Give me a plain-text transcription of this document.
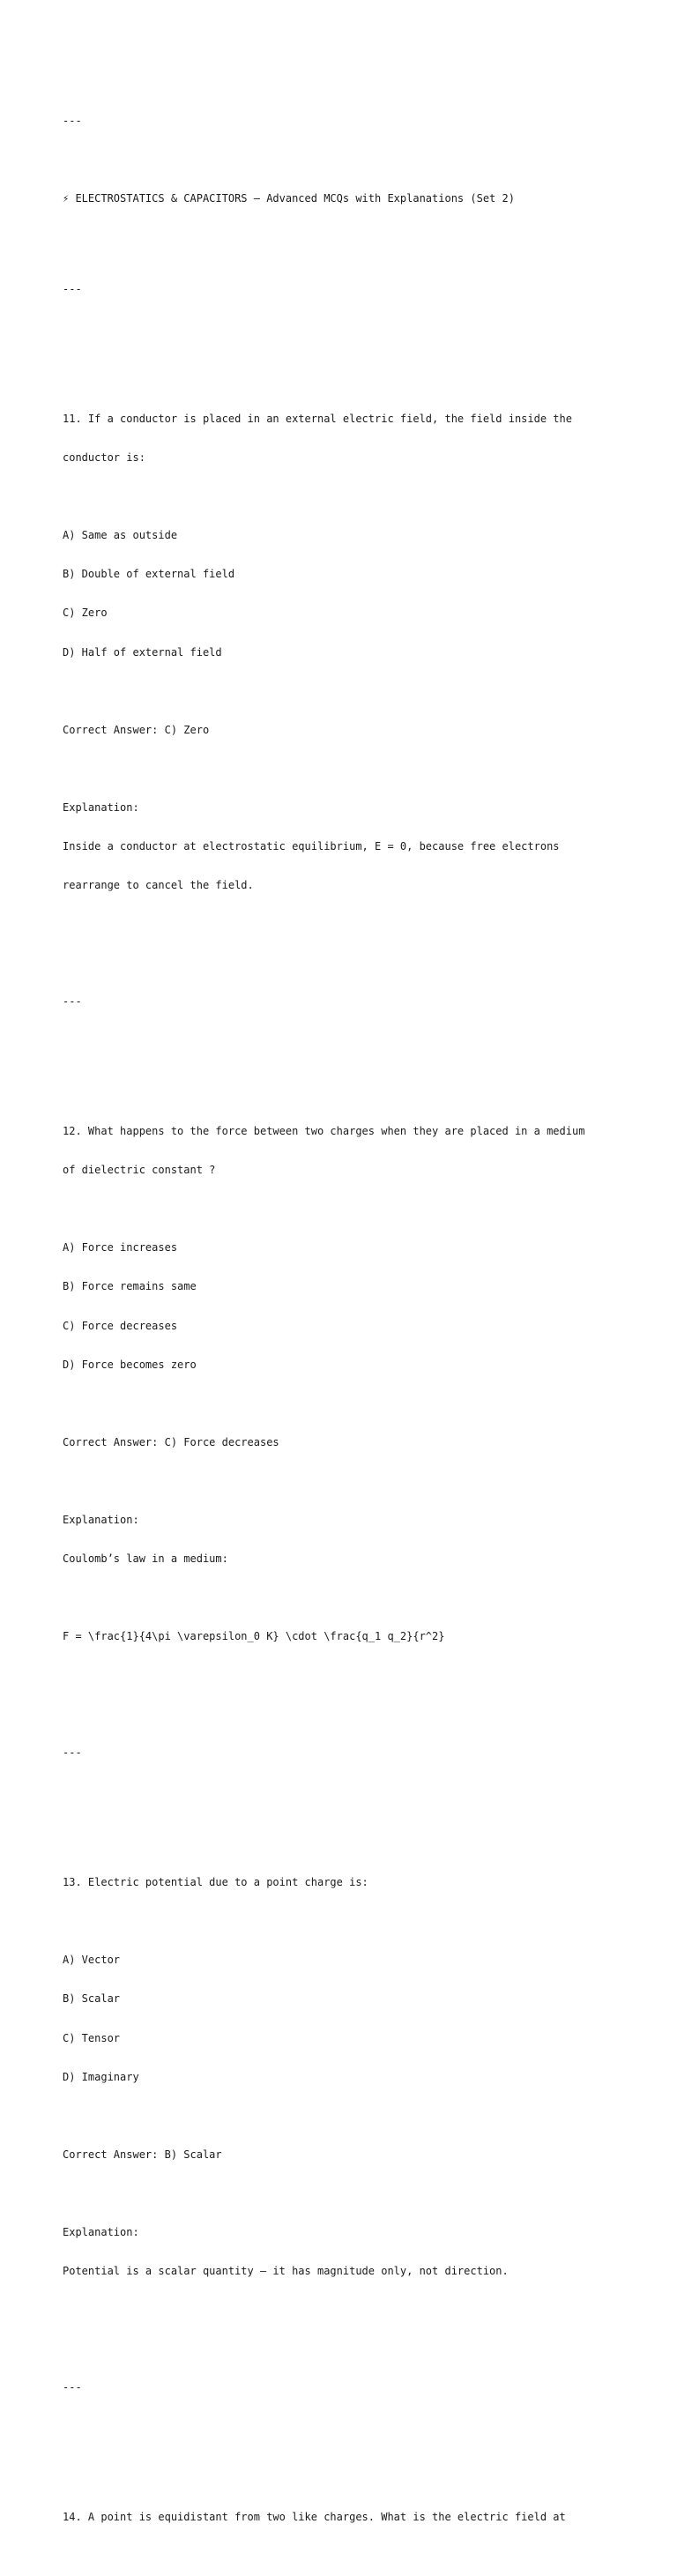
---

⚡ ELECTROSTATICS & CAPACITORS – Advanced MCQs with Explanations (Set 2)

---

11. If a conductor is placed in an external electric field, the field inside the

conductor is:

A) Same as outside

B) Double of external field

C) Zero

D) Half of external field

Correct Answer: C) Zero

Explanation:

Inside a conductor at electrostatic equilibrium, E = 0, because free electrons

rearrange to cancel the field.

---

12. What happens to the force between two charges when they are placed in a medium

of dielectric constant ?

A) Force increases

B) Force remains same

C) Force decreases

D) Force becomes zero

Correct Answer: C) Force decreases

Explanation:

Coulomb’s law in a medium:

F = \frac{1}{4\pi \varepsilon_0 K} \cdot \frac{q_1 q_2}{r^2}

---

13. Electric potential due to a point charge is:

A) Vector

B) Scalar

C) Tensor

D) Imaginary

Correct Answer: B) Scalar

Explanation:

Potential is a scalar quantity — it has magnitude only, not direction.

---

14. A point is equidistant from two like charges. What is the electric field at
